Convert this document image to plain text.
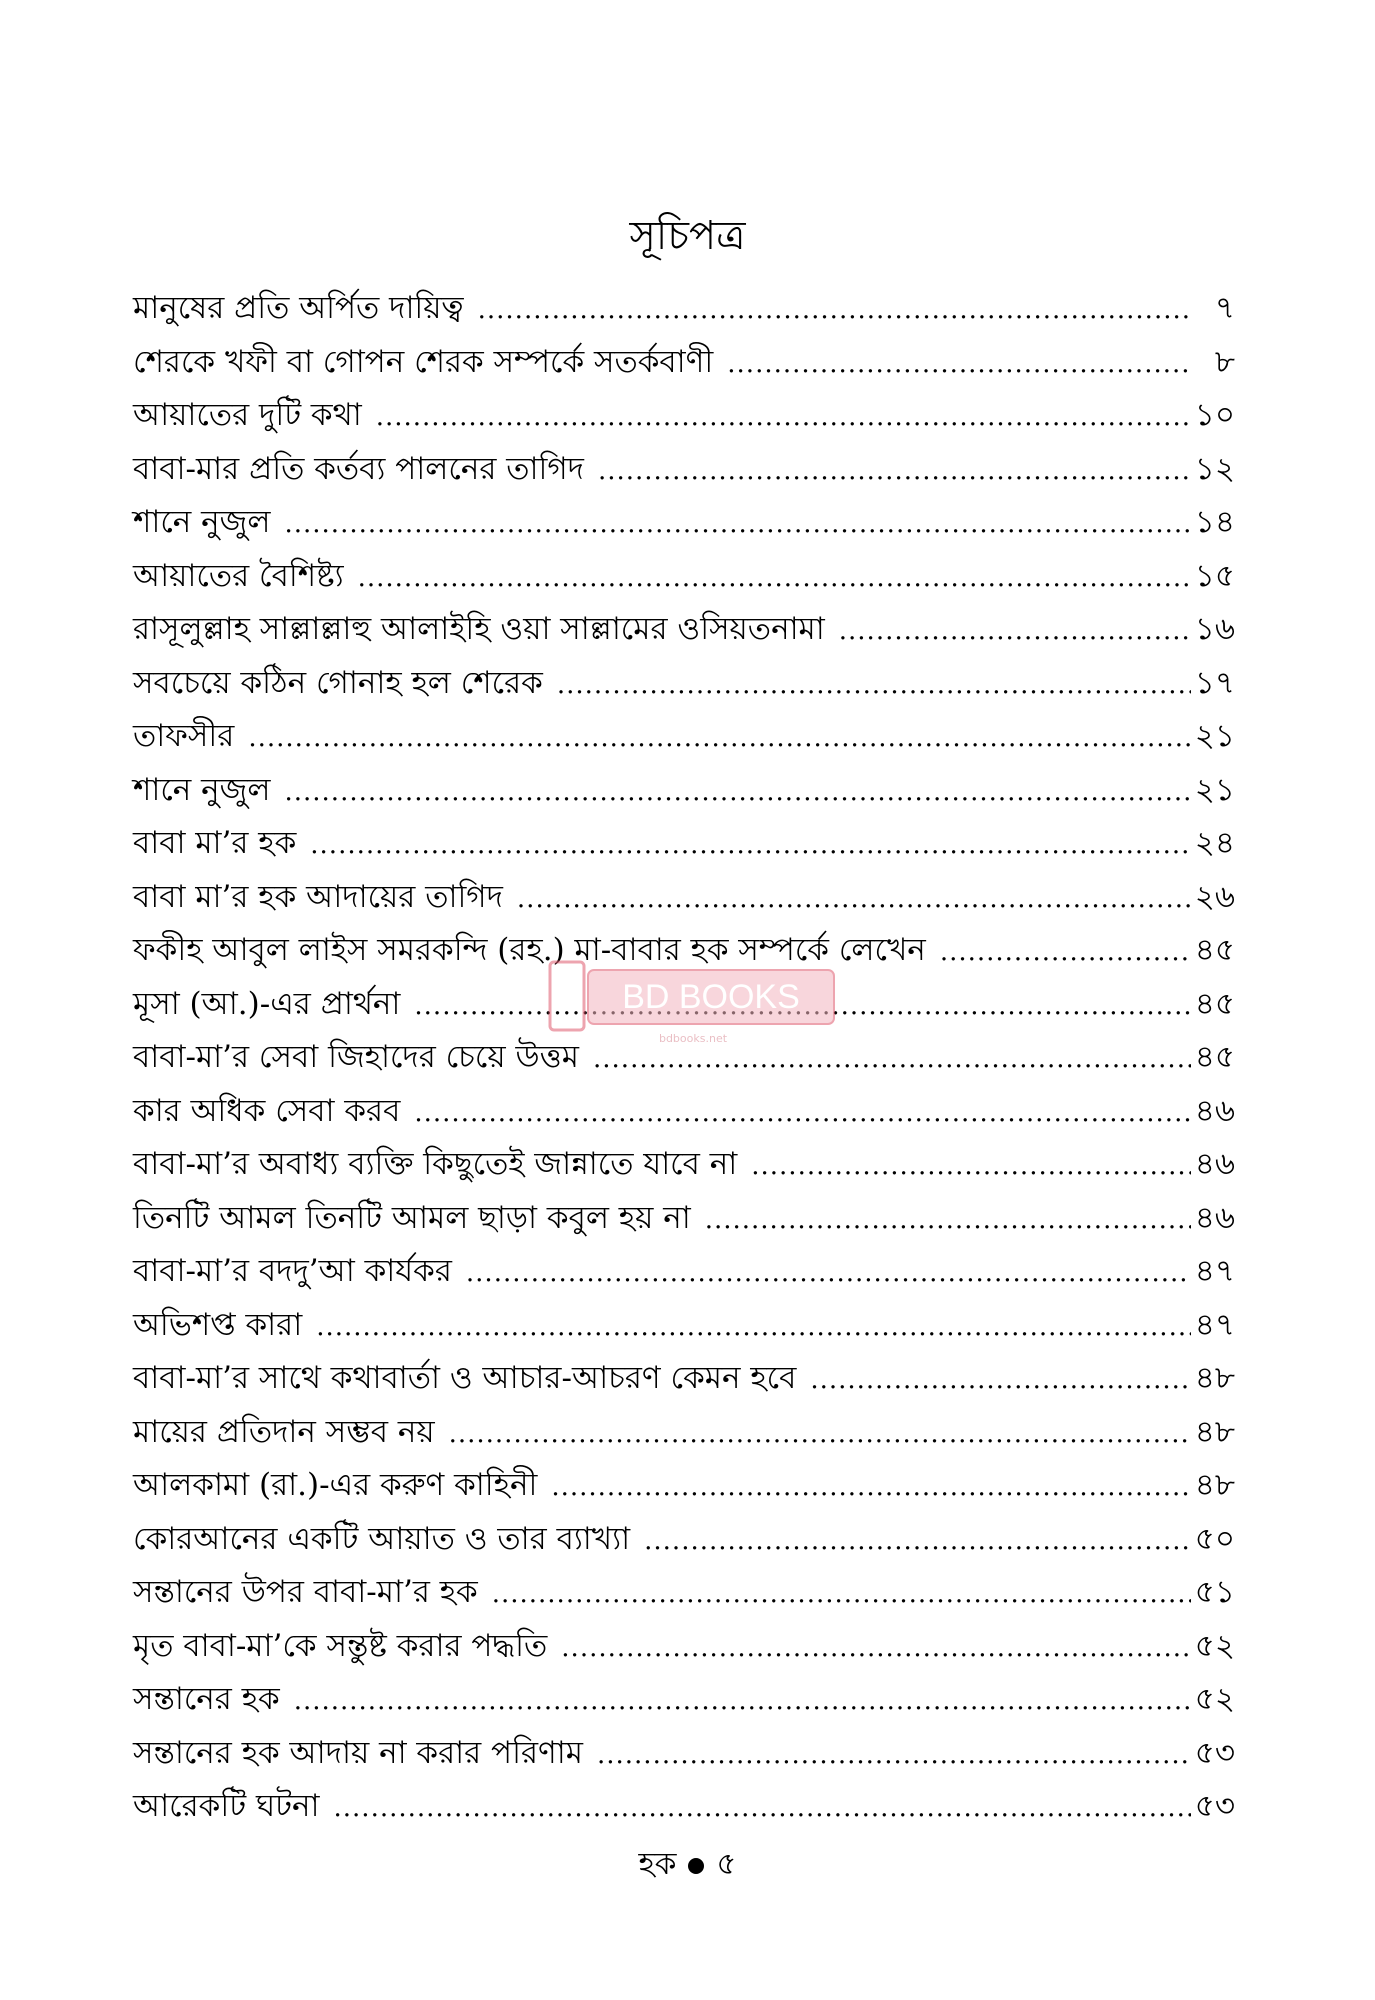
সূচিপত্র
মানুষের প্রতি অর্পিত দায়িত্ব .....	৭
শেরকে খফী বা গোপন শেরক সম্পর্কে সতর্কবাণী .....	৮
আয়াতের দুটি কথা .....	১০
বাবা-মার প্রতি কর্তব্য পালনের তাগিদ .....	১২
শানে নুজুল .....	১৪
আয়াতের বৈশিষ্ট্য .....	১৫
রাসূলুল্লাহ সাল্লাল্লাহু আলাইহি ওয়া সাল্লামের ওসিয়তনামা .....	১৬
সবচেয়ে কঠিন গোনাহ হল শেরেক .....	১৭
তাফসীর .....	২১
শানে নুজুল .....	২১
বাবা মা’র হক .....	২৪
বাবা মা’র হক আদায়ের তাগিদ .....	২৬
ফকীহ আবুল লাইস সমরকন্দি (রহ.) মা-বাবার হক সম্পর্কে লেখেন .....	৪৫
মূসা (আ.)-এর প্রার্থনা .....	৪৫
বাবা-মা’র সেবা জিহাদের চেয়ে উত্তম .....	৪৫
কার অধিক সেবা করব .....	৪৬
বাবা-মা’র অবাধ্য ব্যক্তি কিছুতেই জান্নাতে যাবে না .....	৪৬
তিনটি আমল তিনটি আমল ছাড়া কবুল হয় না .....	৪৬
বাবা-মা’র বদদু’আ কার্যকর .....	৪৭
অভিশপ্ত কারা .....	৪৭
বাবা-মা’র সাথে কথাবার্তা ও আচার-আচরণ কেমন হবে .....	৪৮
মায়ের প্রতিদান সম্ভব নয় .....	৪৮
আলকামা (রা.)-এর করুণ কাহিনী .....	৪৮
কোরআনের একটি আয়াত ও তার ব্যাখ্যা .....	৫০
সন্তানের উপর বাবা-মা’র হক .....	৫১
মৃত বাবা-মা’কে সন্তুষ্ট করার পদ্ধতি .....	৫২
সন্তানের হক .....	৫২
সন্তানের হক আদায় না করার পরিণাম .....	৫৩
আরেকটি ঘটনা .....	৫৩
BD BOOKS
bdbooks.net
হক ৫
